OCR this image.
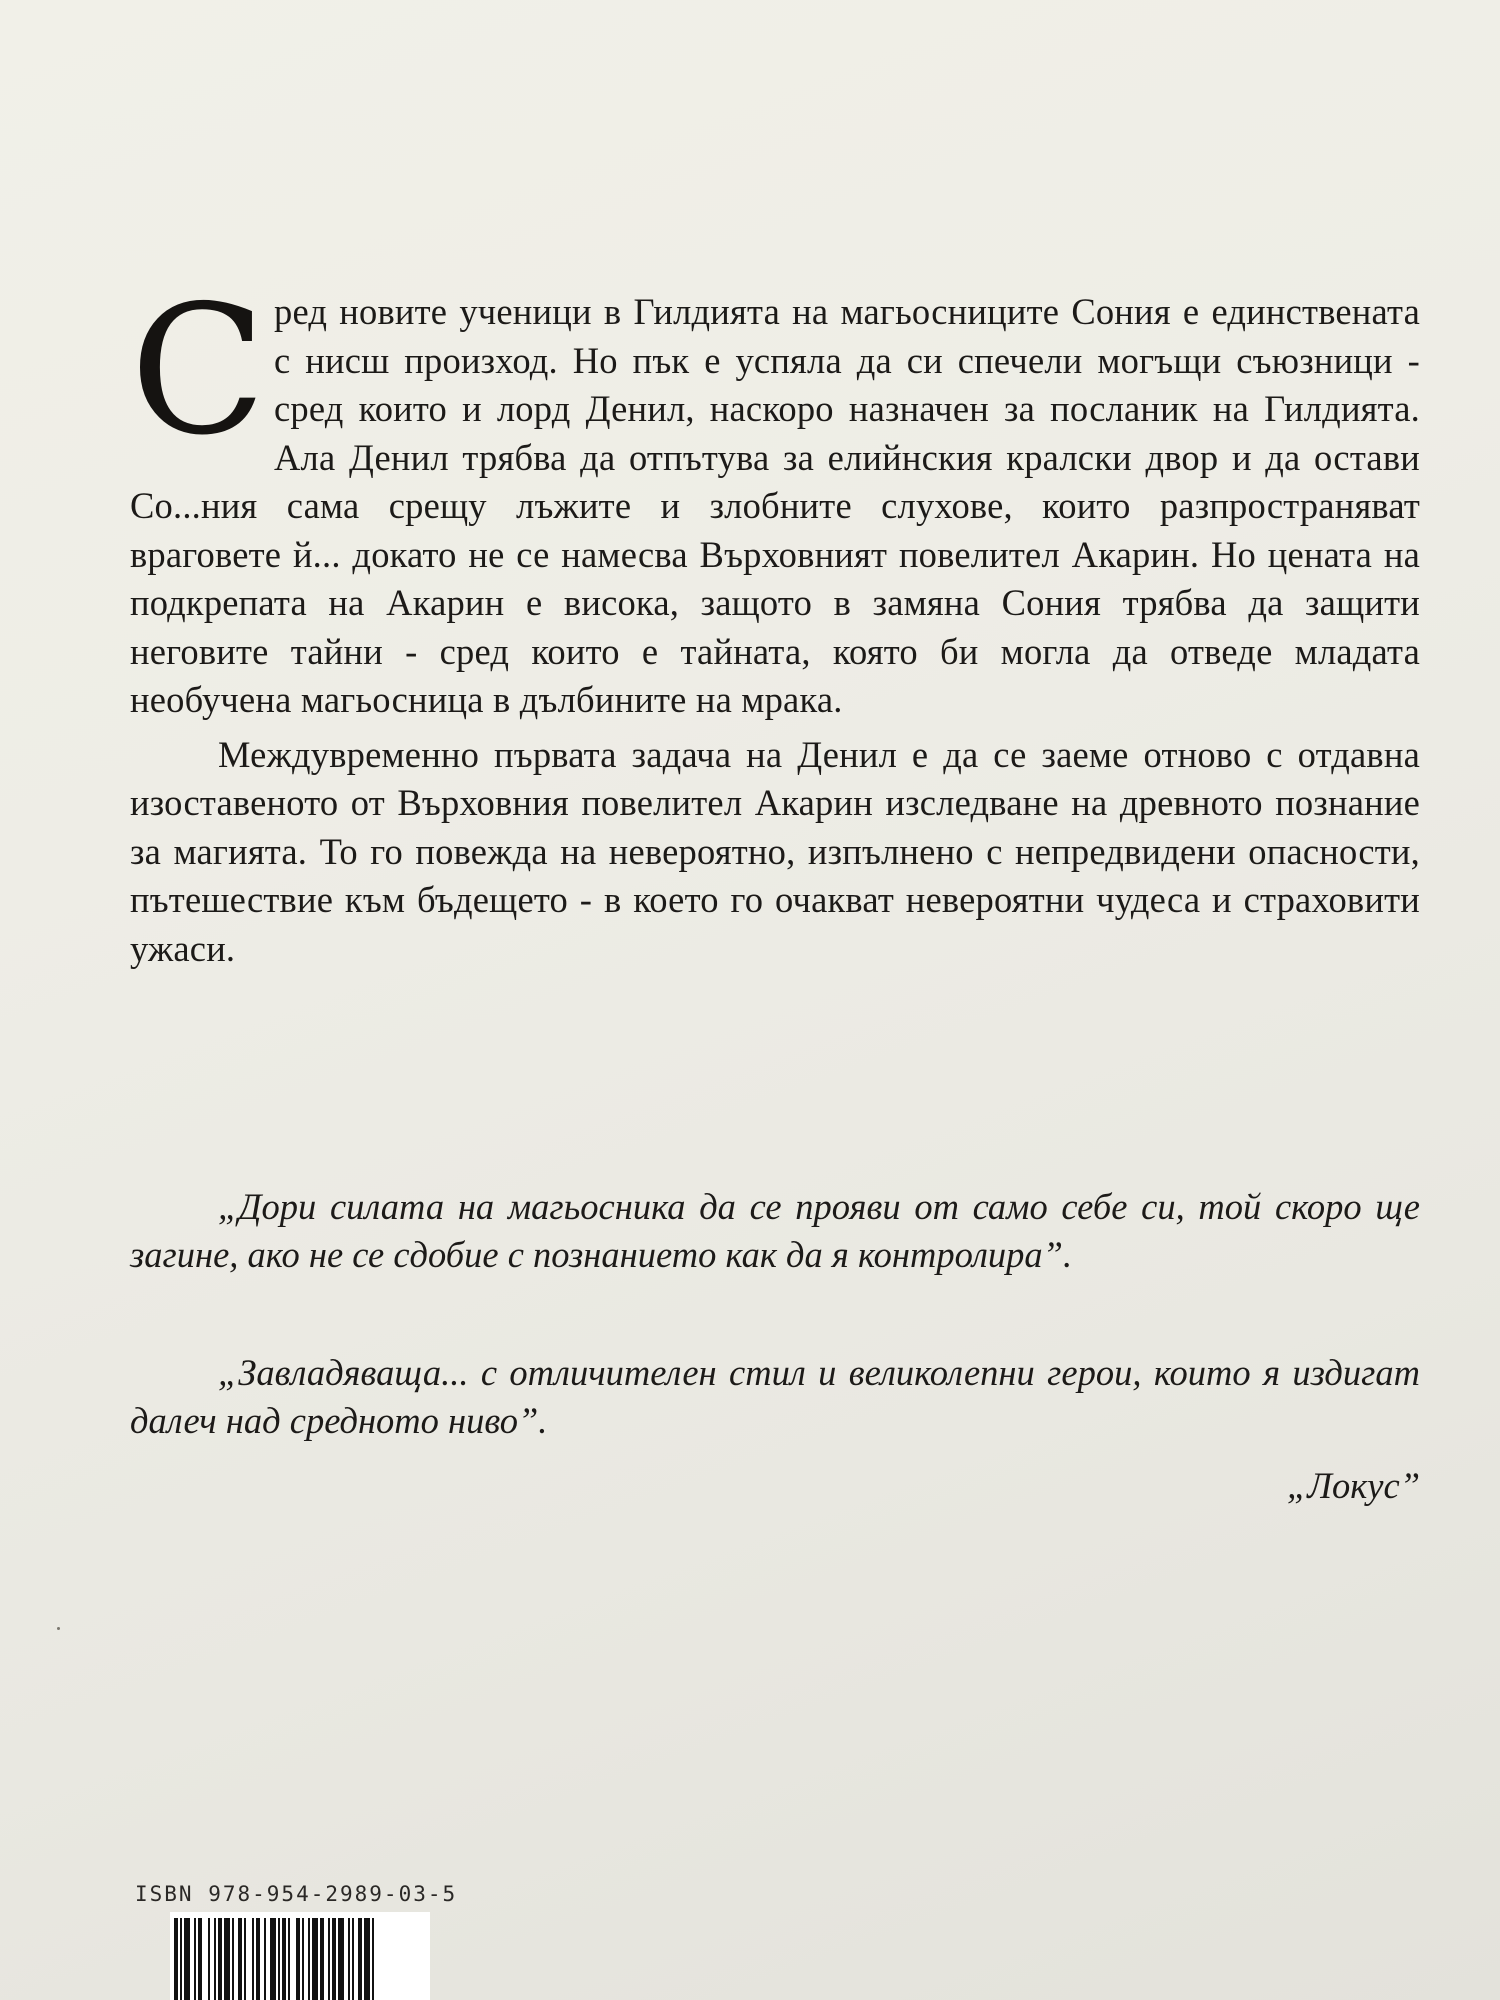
С ред новите ученици в Гилдията на магьосниците Сония е единствената с нисш произход. Но пък е успяла да си спечели могъщи съюзници - сред които и лорд Денил, наскоро назначен за посланик на Гилдията. Ала Денил трябва да отпътува за елийнския кралски двор и да остави Со...ния сама срещу лъжите и злобните слухове, които разпространяват враговете й... докато не се намесва Върховният повелител Акарин. Но цената на подкрепата на Акарин е висока, защото в замяна Сония трябва да защити неговите тайни - сред които е тайната, която би могла да отведе младата необучена магьосница в дълбините на мрака.

Междувременно първата задача на Денил е да се заеме отново с отдавна изоставеното от Върховния повелител Акарин изследване на древното познание за магията. То го повежда на невероятно, изпълнено с непредвидени опасности, пътешествие към бъдещето - в което го очакват невероятни чудеса и страховити ужаси.

„Дори силата на магьосника да се прояви от само себе си, той скоро ще загине, ако не се сдобие с познанието как да я контролира”.

„Завладяваща... с отличителен стил и великолепни герои, които я издигат далеч над средното ниво”.

„Локус”
ISBN 978-954-2989-03-5
